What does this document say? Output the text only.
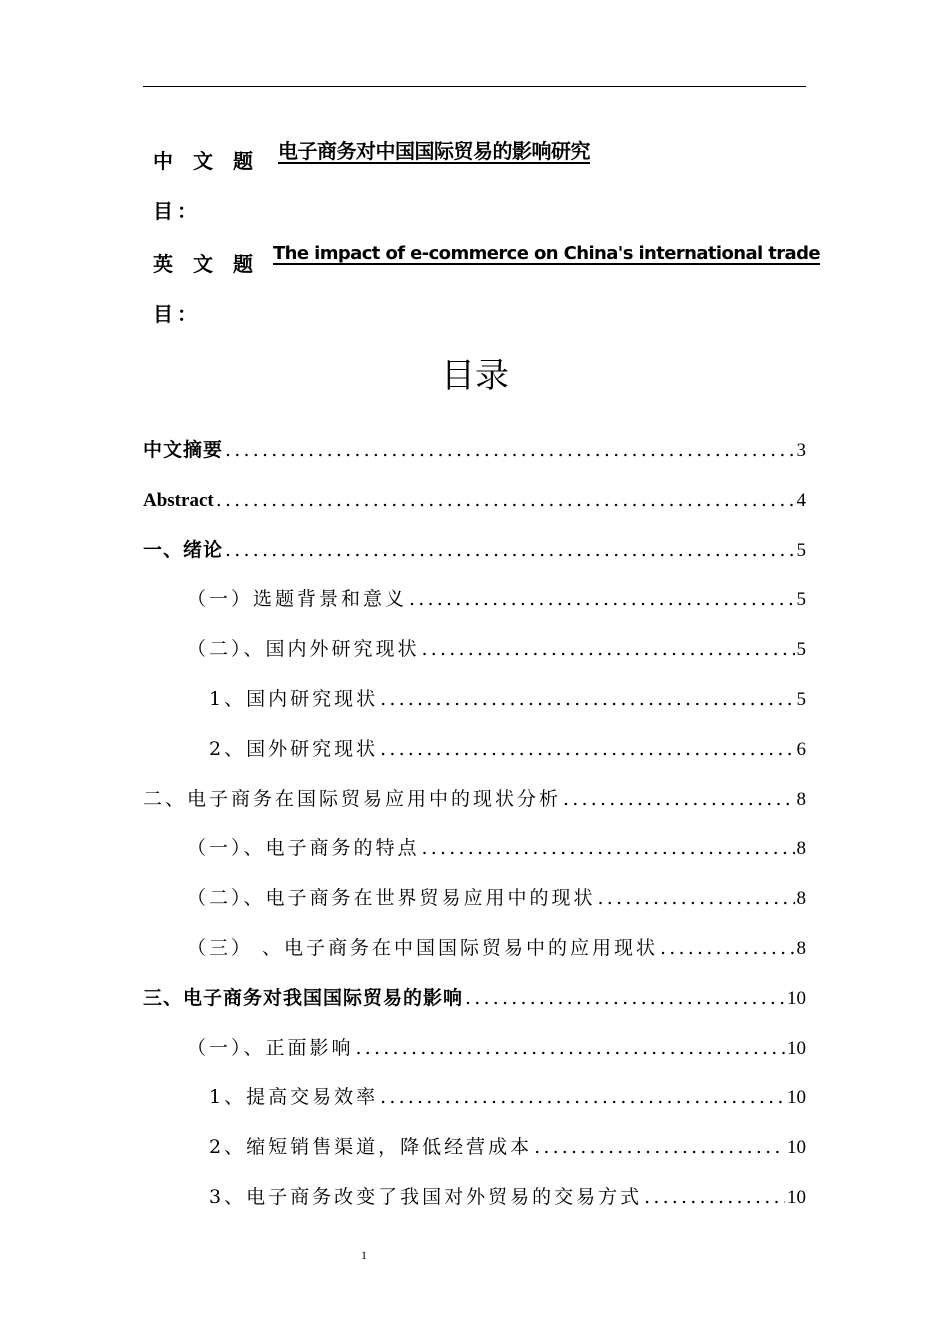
中文题
目：
电子商务对中国国际贸易的影响研究
英文题
目：
The impact of e-commerce on China's international trade
目录
中文摘要 .....	3
Abstract .....	4
一、绪论 .....	5
（一）选题背景和意义 .....	5
（二）、国内外研究现状 .....	5
1、国内研究现状 .....	5
2、国外研究现状 .....	6
二、电子商务在国际贸易应用中的现状分析 .....	8
（一）、电子商务的特点 .....	8
（二）、电子商务在世界贸易应用中的现状 .....	8
（三） 、电子商务在中国国际贸易中的应用现状 .....	8
三、电子商务对我国国际贸易的影响 .....	10
（一）、正面影响 .....	10
1、提高交易效率 .....	10
2、缩短销售渠道，降低经营成本 .....	10
3、电子商务改变了我国对外贸易的交易方式 .....	10
1
